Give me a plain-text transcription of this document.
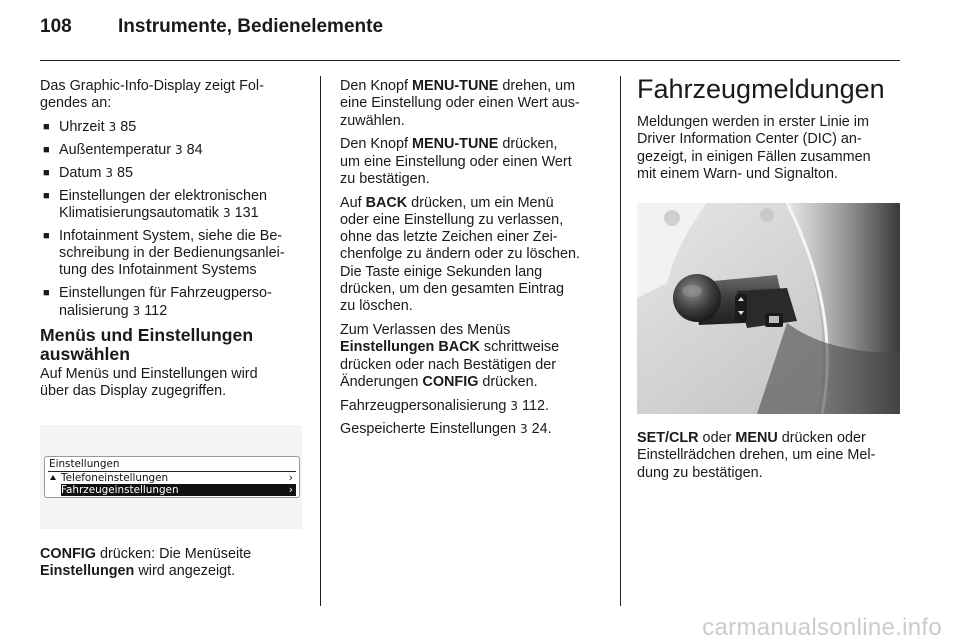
108 Instrumente, Bedienelemente

Das Graphic-Info-Display zeigt Fol-
gendes an:

■ Uhrzeit 3 85
■ Außentemperatur 3 84
■ Datum 3 85
■ Einstellungen der elektronischen
Klimatisierungsautomatik 3 131
■ Infotainment System, siehe die Be-
schreibung in der Bedienungsanlei-
tung des Infotainment Systems
■ Einstellungen für Fahrzeugperso-
nalisierung 3 112
Menüs und Einstellungen
auswählen

Auf Menüs und Einstellungen wird
über das Display zugegriffen.

Einstellungen
Telefoneinstellungen	›
Fahrzeugeinstellungen	›
CONFIG drücken: Die Menüseite
Einstellungen wird angezeigt.

Den Knopf MENU-TUNE drehen, um
eine Einstellung oder einen Wert aus-
zuwählen.

Den Knopf MENU-TUNE drücken,
um eine Einstellung oder einen Wert
zu bestätigen.

Auf BACK drücken, um ein Menü
oder eine Einstellung zu verlassen,
ohne das letzte Zeichen einer Zei-
chenfolge zu ändern oder zu löschen.
Die Taste einige Sekunden lang
drücken, um den gesamten Eintrag
zu löschen.

Zum Verlassen des Menüs
Einstellungen BACK schrittweise
drücken oder nach Bestätigen der
Änderungen CONFIG drücken.

Fahrzeugpersonalisierung 3 112.

Gespeicherte Einstellungen 3 24.

Fahrzeugmeldungen

Meldungen werden in erster Linie im
Driver Information Center (DIC) an-
gezeigt, in einigen Fällen zusammen
mit einem Warn- und Signalton.

SET/CLR oder MENU drücken oder
Einstellrädchen drehen, um eine Mel-
dung zu bestätigen.

carmanualsonline.info
